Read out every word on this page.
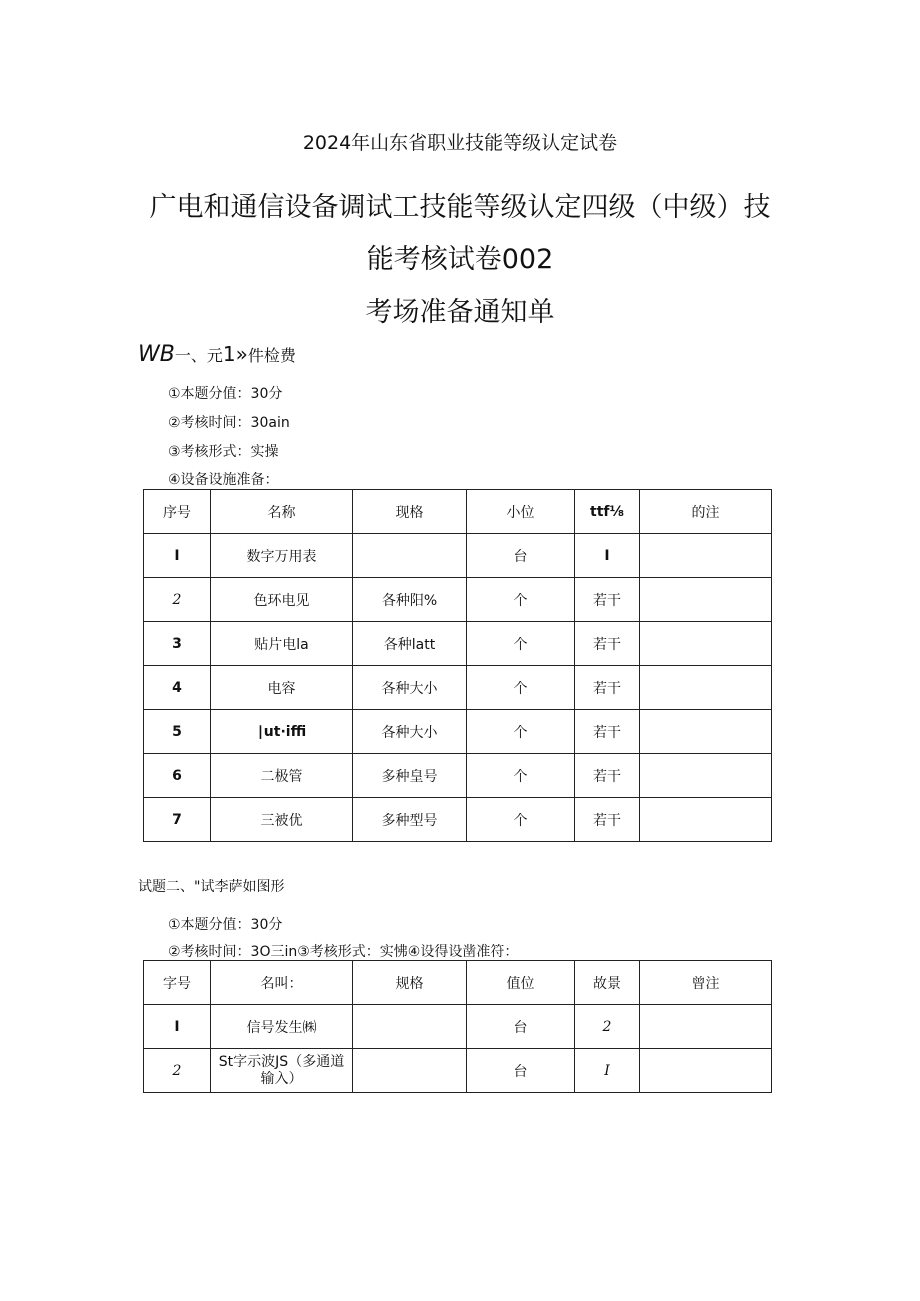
2024年山东省职业技能等级认定试卷
广电和通信设备调试工技能等级认定四级（中级）技
能考核试卷002
考场准备通知单
WB一、元1»件检费
①本题分值：30分
②考核时间：30ain
③考核形式：实操
④设备设施准备：
序号	名称	现格	小位	ttf⅛	的注
I	数字万用表		台	I	
2	色环电见	各种阳%	个	若干	
3	贴片电la	各种latt	个	若干	
4	电容	各种大小	个	若干	
5	∣ut∙iffi	各种大小	个	若干	
6	二极管	多种皇号	个	若干	
7	三被优	多种型号	个	若干	
试题二、"试李萨如图形
①本题分值：30分
②考核时间：3O三in③考核形式：实怫④设得设凿准符：
字号	名叫：	规格	值位	故景	曾注
I	信号发生㈱		台	2	
2	St字示波JS（多通道输入）		台	I	
